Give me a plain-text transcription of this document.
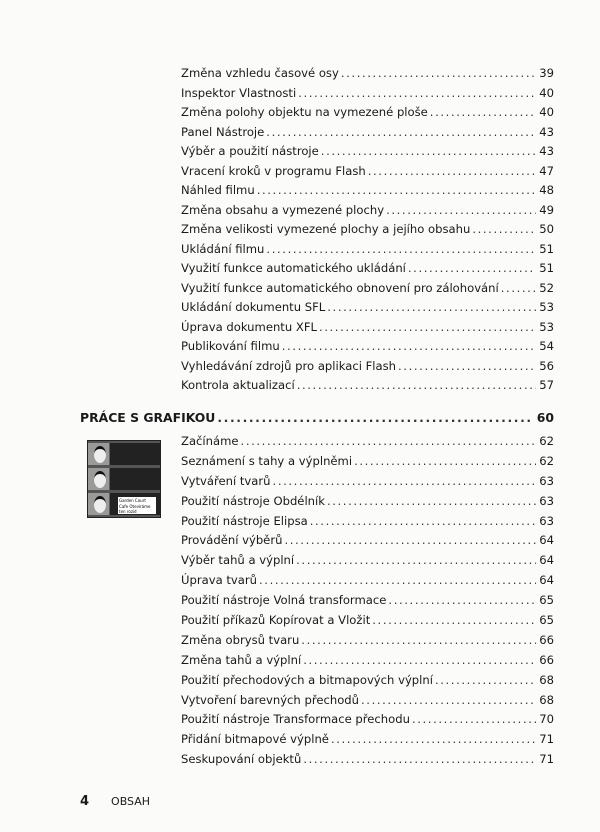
Změna vzhledu časové osy .....	39
Inspektor Vlastnosti .....	40
Změna polohy objektu na vymezené ploše .....	40
Panel Nástroje .....	43
Výběr a použití nástroje .....	43
Vracení kroků v programu Flash .....	47
Náhled filmu .....	48
Změna obsahu a vymezené plochy .....	49
Změna velikosti vymezené plochy a jejího obsahu .....	50
Ukládání filmu .....	51
Využití funkce automatického ukládání .....	51
Využití funkce automatického obnovení pro zálohování .....	52
Ukládání dokumentu SFL .....	53
Úprava dokumentu XFL .....	53
Publikování filmu .....	54
Vyhledávání zdrojů pro aplikaci Flash .....	56
Kontrola aktualizací .....	57
PRÁCE S GRAFIKOU .....	60
Garden Court
Cafe Otevíráme
ten rozid
Začínáme .....	62
Seznámení s tahy a výplněmi .....	62
Vytváření tvarů .....	63
Použití nástroje Obdélník .....	63
Použití nástroje Elipsa .....	63
Provádění výběrů .....	64
Výběr tahů a výplní .....	64
Úprava tvarů .....	64
Použití nástroje Volná transformace .....	65
Použití příkazů Kopírovat a Vložit .....	65
Změna obrysů tvaru .....	66
Změna tahů a výplní .....	66
Použití přechodových a bitmapových výplní .....	68
Vytvoření barevných přechodů .....	68
Použití nástroje Transformace přechodu .....	70
Přidání bitmapové výplně .....	71
Seskupování objektů .....	71
4 OBSAH
